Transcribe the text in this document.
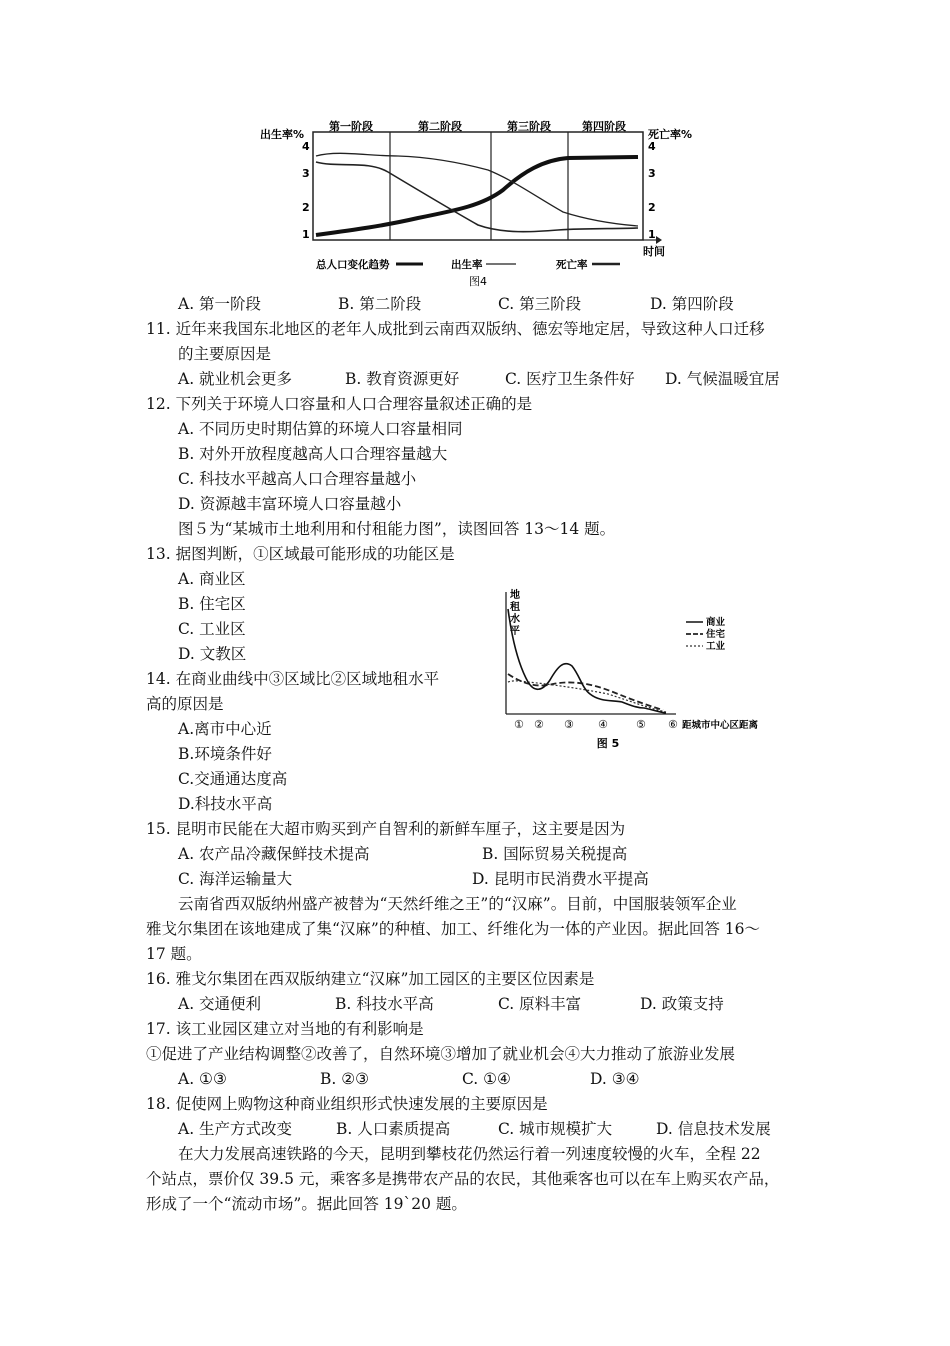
第一阶段	第二阶段	第三阶段	第四阶段
出生率%	死亡率%
时间
4
3
2
1
4
3
2
1
总人口变化趋势	出生率	死亡率
图4
A. 第一阶段	B. 第二阶段	C. 第三阶段	D. 第四阶段
11. 近年来我国东北地区的老年人成批到云南西双版纳、德宏等地定居，导致这种人口迁移
的主要原因是
A. 就业机会更多	B. 教育资源更好	C. 医疗卫生条件好 D. 气候温暖宜居
12. 下列关于环境人口容量和人口合理容量叙述正确的是
A. 不同历史时期估算的环境人口容量相同
B. 对外开放程度越高人口合理容量越大
C. 科技水平越高人口合理容量越小
D. 资源越丰富环境人口容量越小
图５为“某城市土地利用和付租能力图”，读图回答 13～14 题。
13. 据图判断，①区域最可能形成的功能区是
A. 商业区
B. 住宅区
C. 工业区
D. 文教区
14. 在商业曲线中③区域比②区域地租水平
高的原因是
A.离市中心近
B.环境条件好
C.交通通达度高
D.科技水平高
地
租
水
平
商业
住宅
工业
① ② ③ ④	⑤ ⑥ 距城市中心区距离
图 5
15. 昆明市民能在大超市购买到产自智利的新鲜车厘子，这主要是因为
A. 农产品冷藏保鲜技术提高	B. 国际贸易关税提高
C. 海洋运输量大	D. 昆明市民消费水平提高
云南省西双版纳州盛产被替为“天然纤维之王”的“汉麻”。目前，中国服装领军企业
雅戈尔集团在该地建成了集“汉麻”的种植、加工、纤维化为一体的产业因。据此回答 16～
17 题。
16. 雅戈尔集团在西双版纳建立“汉麻”加工园区的主要区位因素是
A. 交通便利	B. 科技水平高	C. 原料丰富	D. 政策支持
17. 该工业园区建立对当地的有利影响是
①促进了产业结构调整②改善了，自然环境③增加了就业机会④大力推动了旅游业发展
A. ①③	B. ②③	C. ①④	D. ③④
18. 促使网上购物这种商业组织形式快速发展的主要原因是
A. 生产方式改变	B. 人口素质提高	C. 城市规模扩大	D. 信息技术发展
在大力发展高速铁路的今天，昆明到攀枝花仍然运行着一列速度较慢的火车，全程 22
个站点，票价仅 39.5 元，乘客多是携带农产品的农民，其他乘客也可以在车上购买农产品，
形成了一个“流动市场”。据此回答 19`20 题。
